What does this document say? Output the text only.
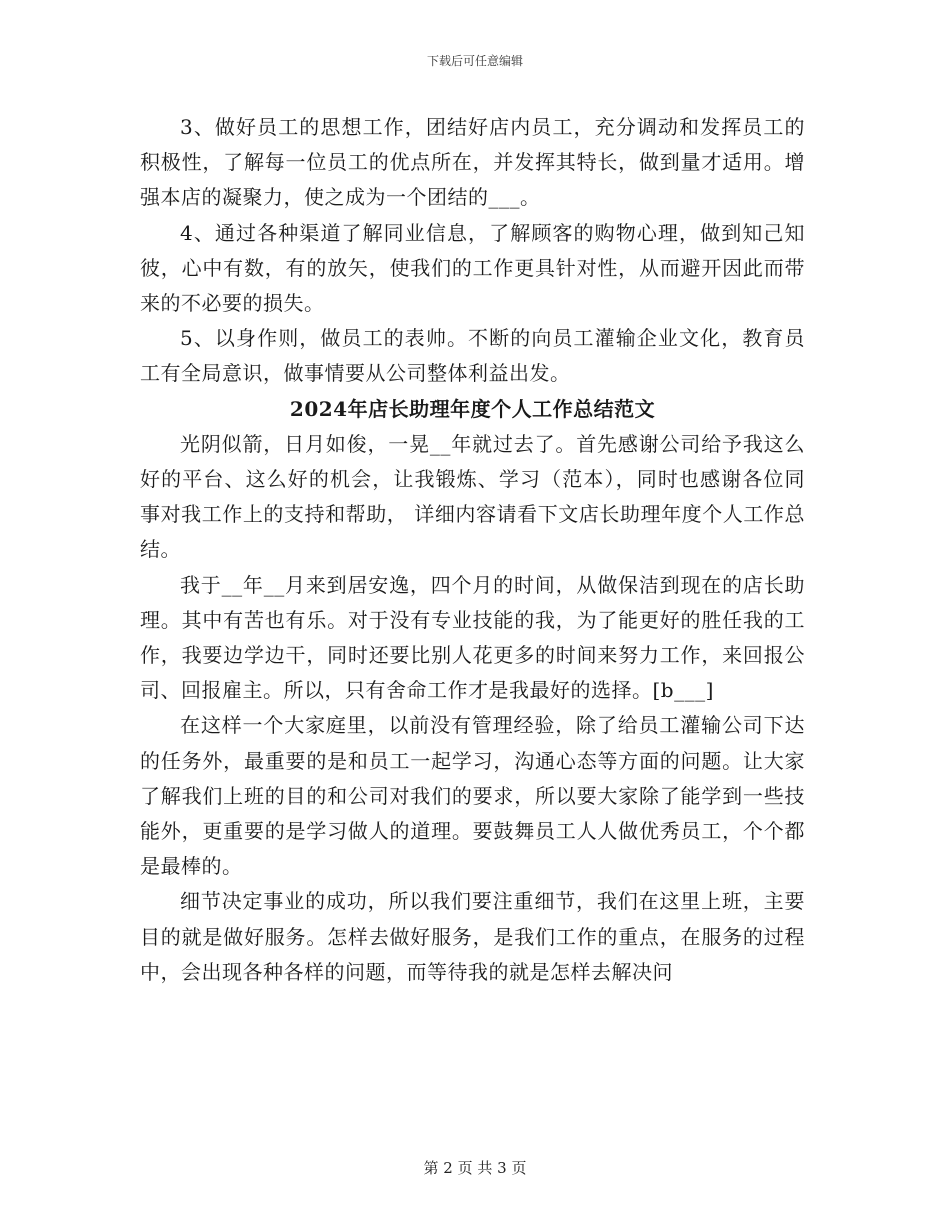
下载后可任意编辑

3、做好员工的思想工作，团结好店内员工，充分调动和发挥员工的积极性，了解每一位员工的优点所在，并发挥其特长，做到量才适用。增强本店的凝聚力，使之成为一个团结的___。

4、通过各种渠道了解同业信息，了解顾客的购物心理，做到知己知彼，心中有数，有的放矢，使我们的工作更具针对性，从而避开因此而带来的不必要的损失。

5、以身作则，做员工的表帅。不断的向员工灌输企业文化，教育员工有全局意识，做事情要从公司整体利益出发。

2024年店长助理年度个人工作总结范文

光阴似箭，日月如俊，一晃__年就过去了。首先感谢公司给予我这么好的平台、这么好的机会，让我锻炼、学习（范本），同时也感谢各位同事对我工作上的支持和帮助， 详细内容请看下文店长助理年度个人工作总结。

我于__年__月来到居安逸，四个月的时间，从做保洁到现在的店长助理。其中有苦也有乐。对于没有专业技能的我，为了能更好的胜任我的工作，我要边学边干，同时还要比别人花更多的时间来努力工作，来回报公司、回报雇主。所以，只有舍命工作才是我最好的选择。[b___]

在这样一个大家庭里，以前没有管理经验，除了给员工灌输公司下达的任务外，最重要的是和员工一起学习，沟通心态等方面的问题。让大家了解我们上班的目的和公司对我们的要求，所以要大家除了能学到一些技能外，更重要的是学习做人的道理。要鼓舞员工人人做优秀员工，个个都是最棒的。

细节决定事业的成功，所以我们要注重细节，我们在这里上班，主要目的就是做好服务。怎样去做好服务，是我们工作的重点，在服务的过程中，会出现各种各样的问题，而等待我的就是怎样去解决问

第 2 页 共 3 页
